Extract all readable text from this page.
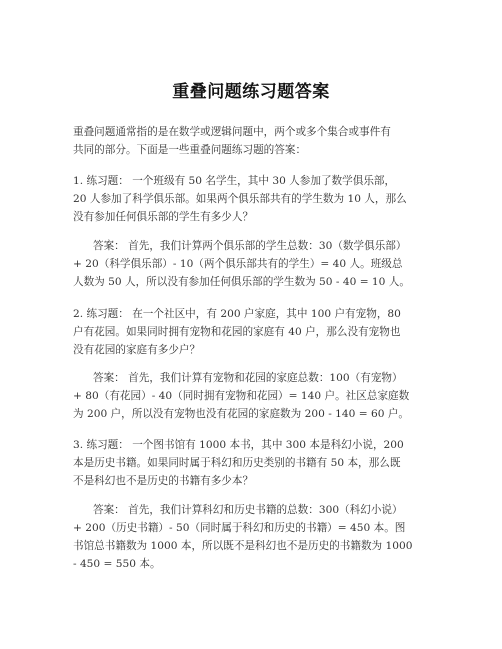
重叠问题练习题答案
重叠问题通常指的是在数学或逻辑问题中，两个或多个集合或事件有
共同的部分。下面是一些重叠问题练习题的答案：
1. 练习题： 一个班级有 50 名学生，其中 30 人参加了数学俱乐部，
20 人参加了科学俱乐部。如果两个俱乐部共有的学生数为 10 人，那么
没有参加任何俱乐部的学生有多少人？
答案： 首先，我们计算两个俱乐部的学生总数：30（数学俱乐部）
+ 20（科学俱乐部）- 10（两个俱乐部共有的学生）= 40 人。班级总
人数为 50 人，所以没有参加任何俱乐部的学生数为 50 - 40 = 10 人。
2. 练习题： 在一个社区中，有 200 户家庭，其中 100 户有宠物，80
户有花园。如果同时拥有宠物和花园的家庭有 40 户，那么没有宠物也
没有花园的家庭有多少户？
答案： 首先，我们计算有宠物和花园的家庭总数：100（有宠物）
+ 80（有花园）- 40（同时拥有宠物和花园）= 140 户。社区总家庭数
为 200 户，所以没有宠物也没有花园的家庭数为 200 - 140 = 60 户。
3. 练习题： 一个图书馆有 1000 本书，其中 300 本是科幻小说，200
本是历史书籍。如果同时属于科幻和历史类别的书籍有 50 本，那么既
不是科幻也不是历史的书籍有多少本？
答案： 首先，我们计算科幻和历史书籍的总数：300（科幻小说）
+ 200（历史书籍）- 50（同时属于科幻和历史的书籍）= 450 本。图
书馆总书籍数为 1000 本，所以既不是科幻也不是历史的书籍数为 1000
- 450 = 550 本。
